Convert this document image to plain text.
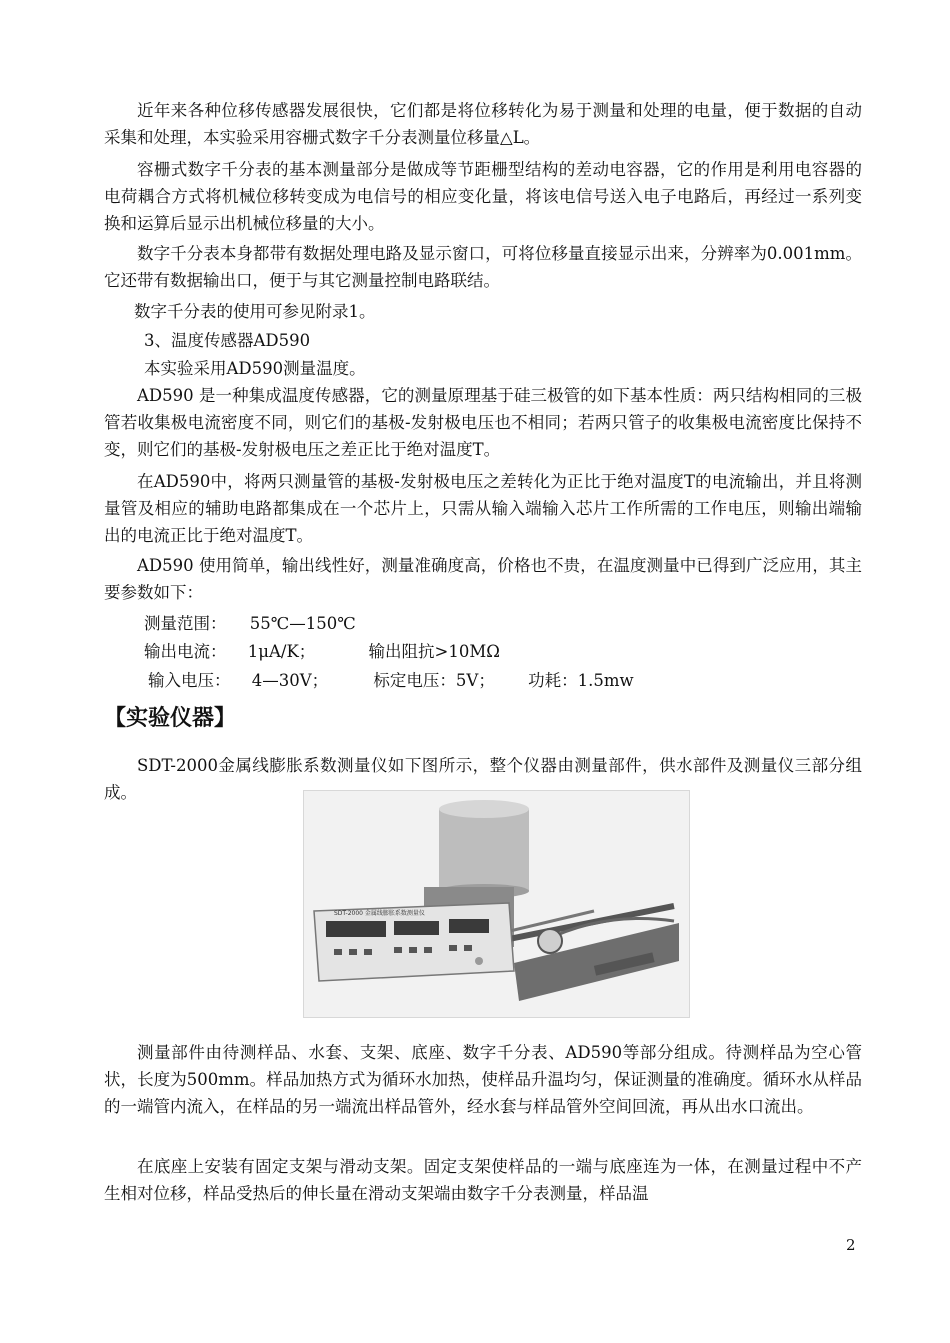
近年来各种位移传感器发展很快，它们都是将位移转化为易于测量和处理的电量，便于数据的自动采集和处理，本实验采用容栅式数字千分表测量位移量△L。

容栅式数字千分表的基本测量部分是做成等节距栅型结构的差动电容器，它的作用是利用电容器的电荷耦合方式将机械位移转变成为电信号的相应变化量，将该电信号送入电子电路后，再经过一系列变换和运算后显示出机械位移量的大小。

数字千分表本身都带有数据处理电路及显示窗口，可将位移量直接显示出来，分辨率为0.001mm。它还带有数据输出口，便于与其它测量控制电路联结。

数字千分表的使用可参见附录1。

3、温度传感器AD590

本实验采用AD590测量温度。

AD590 是一种集成温度传感器，它的测量原理基于硅三极管的如下基本性质：两只结构相同的三极管若收集极电流密度不同，则它们的基极-发射极电压也不相同；若两只管子的收集极电流密度比保持不变，则它们的基极-发射极电压之差正比于绝对温度T。

在AD590中，将两只测量管的基极-发射极电压之差转化为正比于绝对温度T的电流输出，并且将测量管及相应的辅助电路都集成在一个芯片上，只需从输入端输入芯片工作所需的工作电压，则输出端输出的电流正比于绝对温度T。

AD590 使用简单，输出线性好，测量准确度高，价格也不贵，在温度测量中已得到广泛应用，其主要参数如下：

测量范围： 55℃—150℃
输出电流： 1μA/K；	输出阻抗>10MΩ
输入电压： 4—30V；	标定电压：5V； 功耗：1.5mw
【实验仪器】

SDT-2000金属线膨胀系数测量仪如下图所示，整个仪器由测量部件，供水部件及测量仪三部分组成。

SDT-2000 金属线膨胀系数测量仪

测量部件由待测样品、水套、支架、底座、数字千分表、AD590等部分组成。待测样品为空心管状，长度为500mm。样品加热方式为循环水加热，使样品升温均匀，保证测量的准确度。循环水从样品的一端管内流入，在样品的另一端流出样品管外，经水套与样品管外空间回流，再从出水口流出。

在底座上安装有固定支架与滑动支架。固定支架使样品的一端与底座连为一体，在测量过程中不产生相对位移，样品受热后的伸长量在滑动支架端由数字千分表测量，样品温

2
